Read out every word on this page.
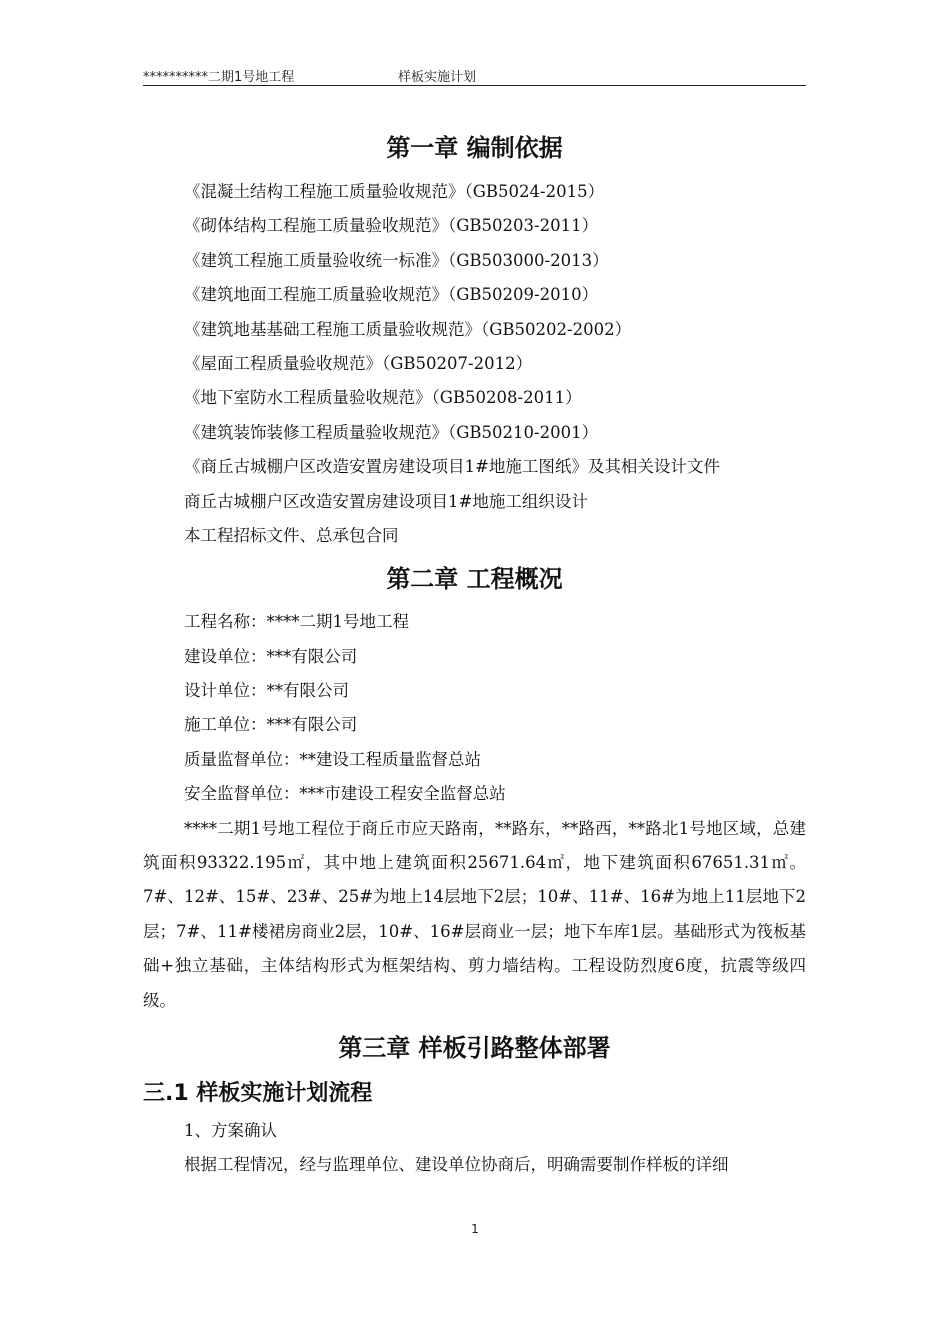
**********二期1号地工程	样板实施计划
第一章 编制依据
《混凝土结构工程施工质量验收规范》（GB5024-2015）
《砌体结构工程施工质量验收规范》（GB50203-2011）
《建筑工程施工质量验收统一标准》（GB503000-2013）
《建筑地面工程施工质量验收规范》（GB50209-2010）
《建筑地基基础工程施工质量验收规范》（GB50202-2002）
《屋面工程质量验收规范》（GB50207-2012）
《地下室防水工程质量验收规范》（GB50208-2011）
《建筑装饰装修工程质量验收规范》（GB50210-2001）
《商丘古城棚户区改造安置房建设项目1#地施工图纸》及其相关设计文件
商丘古城棚户区改造安置房建设项目1#地施工组织设计
本工程招标文件、总承包合同
第二章 工程概况
工程名称：****二期1号地工程
建设单位：***有限公司
设计单位：**有限公司
施工单位：***有限公司
质量监督单位：**建设工程质量监督总站
安全监督单位：***市建设工程安全监督总站

****二期1号地工程位于商丘市应天路南，**路东，**路西，**路北1号地区域，总建筑面积93322.195㎡，其中地上建筑面积25671.64㎡，地下建筑面积67651.31㎡。7#、12#、15#、23#、25#为地上14层地下2层；10#、11#、16#为地上11层地下2层；7#、11#楼裙房商业2层，10#、16#层商业一层；地下车库1层。基础形式为筏板基础+独立基础，主体结构形式为框架结构、剪力墙结构。工程设防烈度6度，抗震等级四级。

第三章 样板引路整体部署
三.1 样板实施计划流程

1、方案确认

根据工程情况，经与监理单位、建设单位协商后，明确需要制作样板的详细

1
